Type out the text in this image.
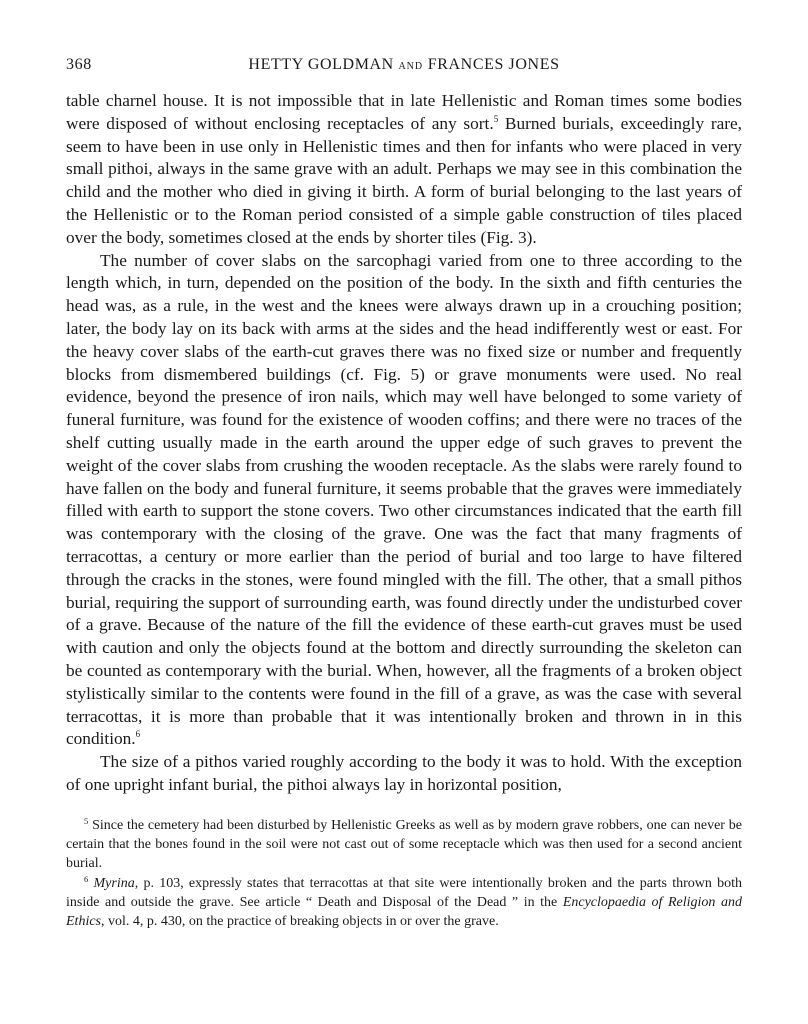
368	HETTY GOLDMAN and FRANCES JONES

table charnel house. It is not impossible that in late Hellenistic and Roman times some bodies were disposed of without enclosing receptacles of any sort.$^5$ Burned burials, exceedingly rare, seem to have been in use only in Hellenistic times and then for infants who were placed in very small pithoi, always in the same grave with an adult. Perhaps we may see in this combination the child and the mother who died in giving it birth. A form of burial belonging to the last years of the Hellenistic or to the Roman period consisted of a simple gable construction of tiles placed over the body, sometimes closed at the ends by shorter tiles (Fig. 3).

The number of cover slabs on the sarcophagi varied from one to three according to the length which, in turn, depended on the position of the body. In the sixth and fifth centuries the head was, as a rule, in the west and the knees were always drawn up in a crouching position; later, the body lay on its back with arms at the sides and the head indifferently west or east. For the heavy cover slabs of the earth-cut graves there was no fixed size or number and frequently blocks from dismembered buildings (cf. Fig. 5) or grave monuments were used. No real evidence, beyond the presence of iron nails, which may well have belonged to some variety of funeral furniture, was found for the existence of wooden coffins; and there were no traces of the shelf cutting usually made in the earth around the upper edge of such graves to prevent the weight of the cover slabs from crushing the wooden receptacle. As the slabs were rarely found to have fallen on the body and funeral furniture, it seems probable that the graves were immediately filled with earth to support the stone covers. Two other circumstances indicated that the earth fill was contemporary with the closing of the grave. One was the fact that many fragments of terracottas, a century or more earlier than the period of burial and too large to have filtered through the cracks in the stones, were found mingled with the fill. The other, that a small pithos burial, requiring the support of surrounding earth, was found directly under the undisturbed cover of a grave. Because of the nature of the fill the evidence of these earth-cut graves must be used with caution and only the objects found at the bottom and directly surrounding the skeleton can be counted as contemporary with the burial. When, however, all the fragments of a broken object stylistically similar to the contents were found in the fill of a grave, as was the case with several terracottas, it is more than probable that it was intentionally broken and thrown in in this condition.$^6$

The size of a pithos varied roughly according to the body it was to hold. With the exception of one upright infant burial, the pithoi always lay in horizontal position,

$^5$ Since the cemetery had been disturbed by Hellenistic Greeks as well as by modern grave robbers, one can never be certain that the bones found in the soil were not cast out of some receptacle which was then used for a second ancient burial.

$^6$ Myrina, p. 103, expressly states that terracottas at that site were intentionally broken and the parts thrown both inside and outside the grave. See article “ Death and Disposal of the Dead ” in the Encyclopaedia of Religion and Ethics, vol. 4, p. 430, on the practice of breaking objects in or over the grave.
